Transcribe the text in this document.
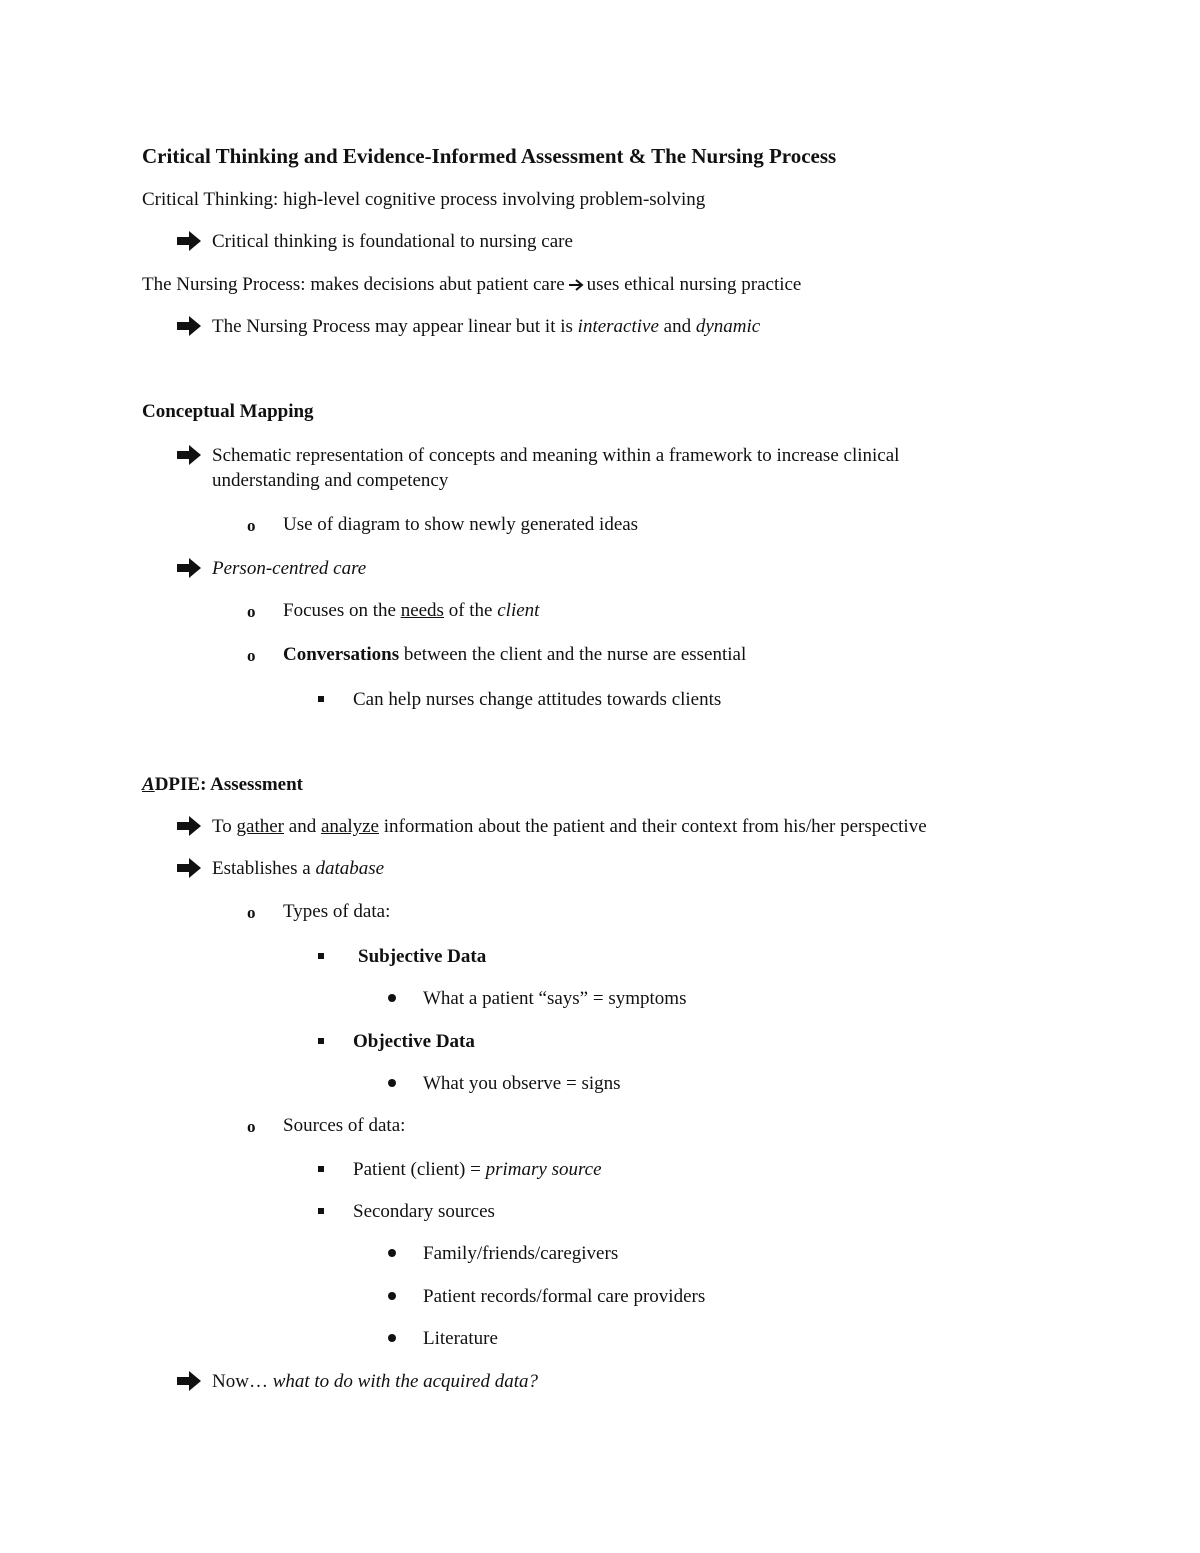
Critical Thinking and Evidence-Informed Assessment & The Nursing Process
Critical Thinking: high-level cognitive process involving problem-solving
Critical thinking is foundational to nursing care
The Nursing Process: makes decisions abut patient care uses ethical nursing practice
The Nursing Process may appear linear but it is interactive and dynamic
Conceptual Mapping
Schematic representation of concepts and meaning within a framework to increase clinical
understanding and competency
o Use of diagram to show newly generated ideas
Person-centred care
o Focuses on the needs of the client
o Conversations between the client and the nurse are essential
Can help nurses change attitudes towards clients
ADPIE: Assessment
To gather and analyze information about the patient and their context from his/her perspective
Establishes a database
o Types of data:
Subjective Data
What a patient “says” = symptoms
Objective Data
What you observe = signs
o Sources of data:
Patient (client) = primary source
Secondary sources
Family/friends/caregivers
Patient records/formal care providers
Literature
Now… what to do with the acquired data?
